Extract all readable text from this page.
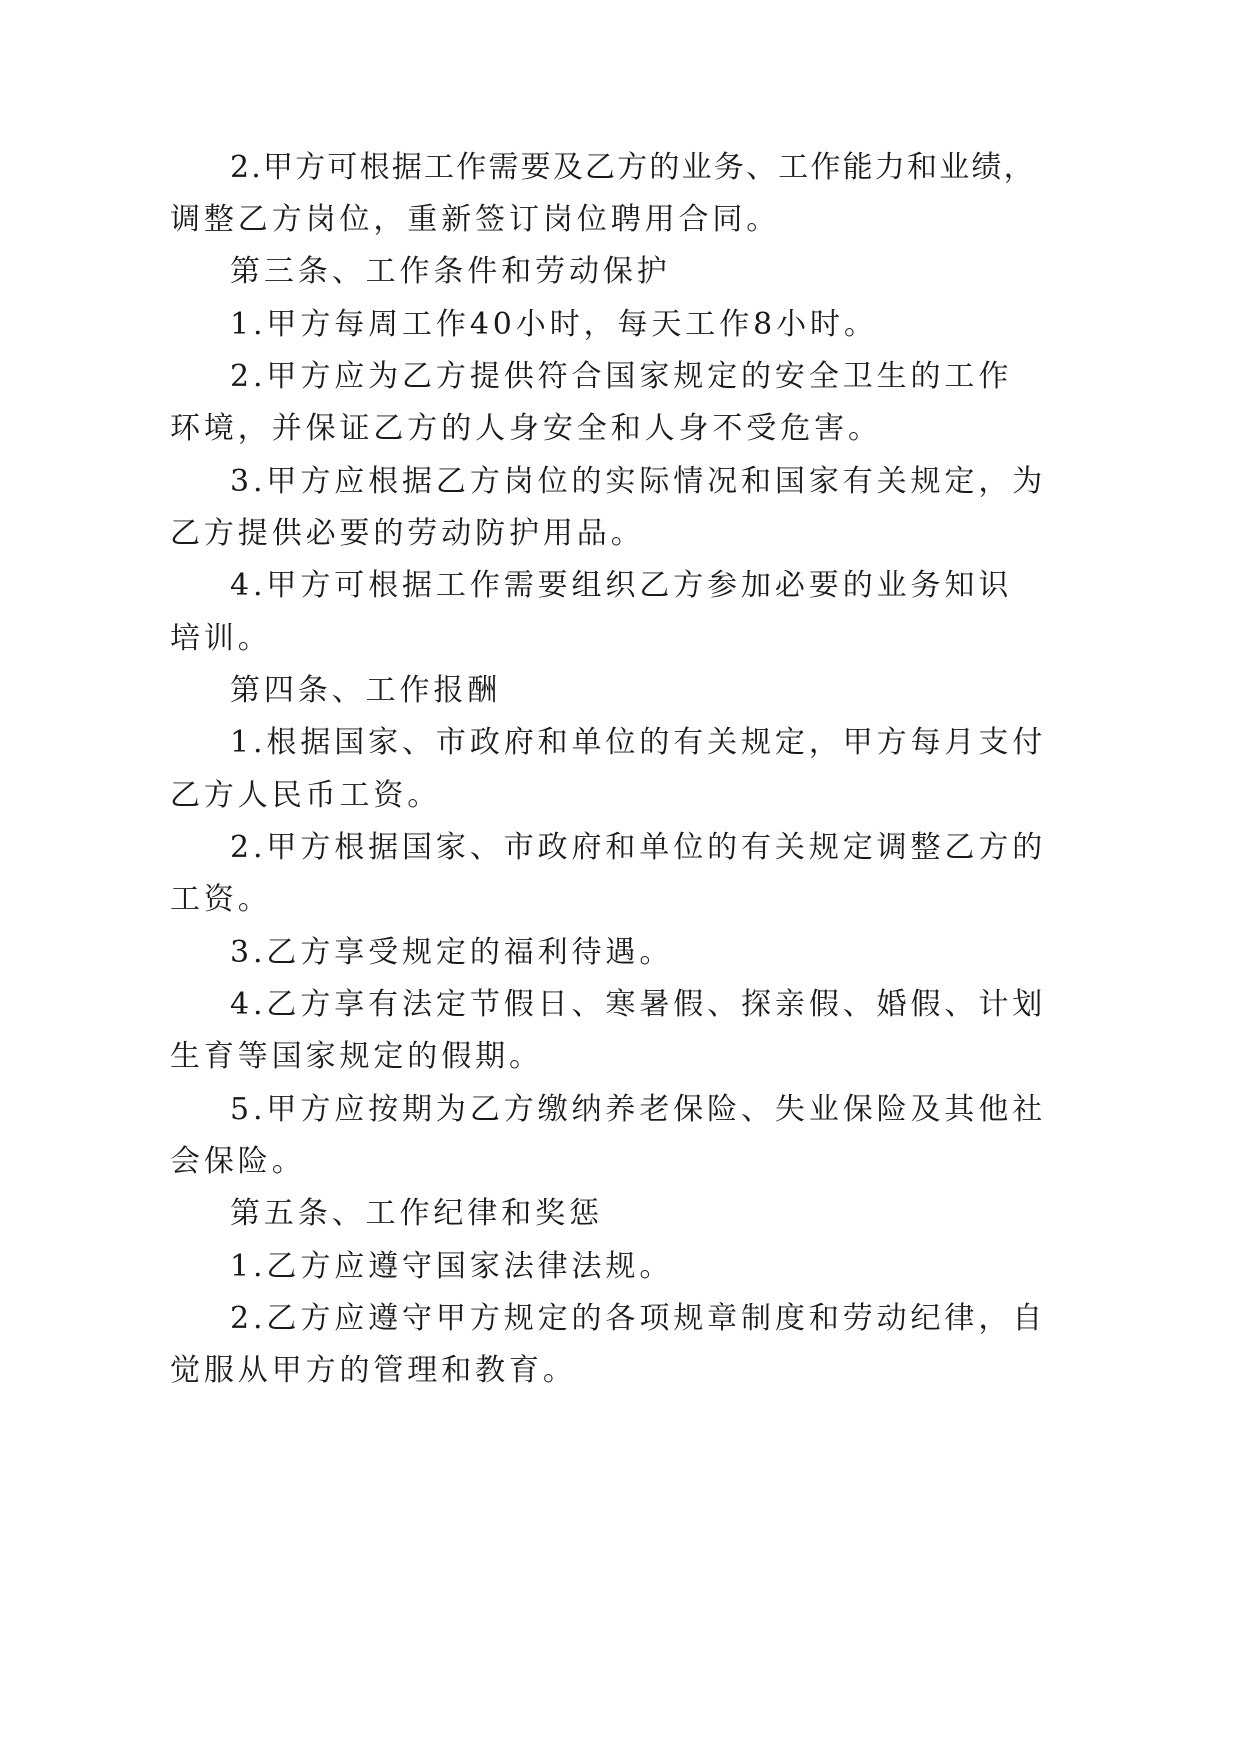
2.甲方可根据工作需要及乙方的业务、工作能力和业绩，
调整乙方岗位，重新签订岗位聘用合同。
第三条、工作条件和劳动保护
1.甲方每周工作40小时，每天工作8小时。
2.甲方应为乙方提供符合国家规定的安全卫生的工作
环境，并保证乙方的人身安全和人身不受危害。
3.甲方应根据乙方岗位的实际情况和国家有关规定，为
乙方提供必要的劳动防护用品。
4.甲方可根据工作需要组织乙方参加必要的业务知识
培训。
第四条、工作报酬
1.根据国家、市政府和单位的有关规定，甲方每月支付
乙方人民币工资。
2.甲方根据国家、市政府和单位的有关规定调整乙方的
工资。
3.乙方享受规定的福利待遇。
4.乙方享有法定节假日、寒暑假、探亲假、婚假、计划
生育等国家规定的假期。
5.甲方应按期为乙方缴纳养老保险、失业保险及其他社
会保险。
第五条、工作纪律和奖惩
1.乙方应遵守国家法律法规。
2.乙方应遵守甲方规定的各项规章制度和劳动纪律，自
觉服从甲方的管理和教育。
